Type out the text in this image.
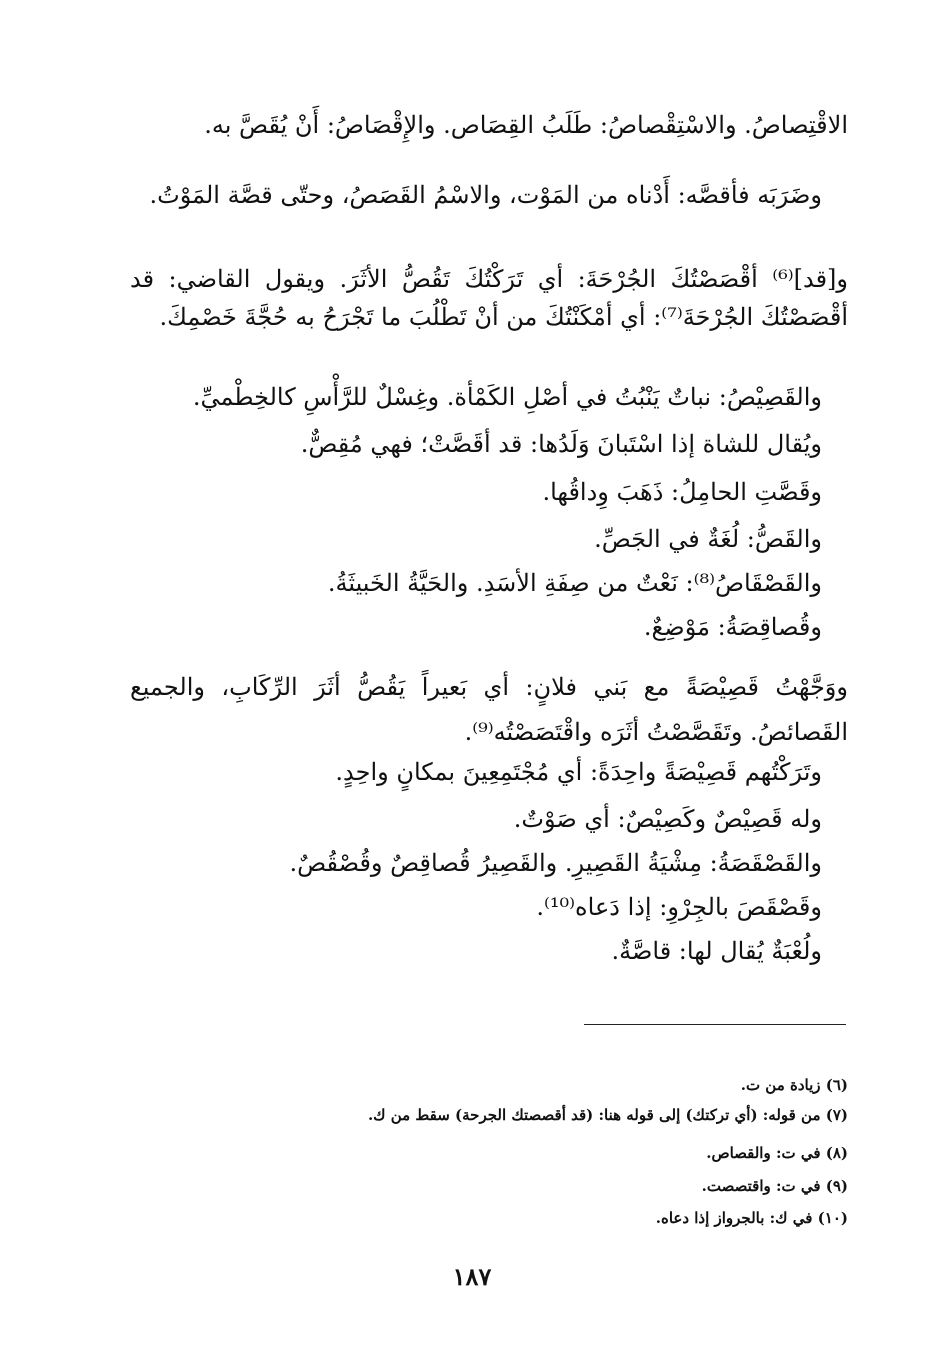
الاقْتِصاصُ. والاسْتِقْصاصُ: طَلَبُ القِصَاص. والإِقْصَاصُ: أَنْ يُقَصَّ به.
وضَرَبَه فأقصَّه: أَدْناه من المَوْت، والاسْمُ القَصَصُ، وحتّى قصَّة المَوْتُ.
و[قد]⁽⁶⁾ أقْصَصْتُكَ الجُرْحَةَ: أي تَرَكْتُكَ تَقُصُّ الأثَرَ. ويقول القاضي: قد
أقْصَصْتُكَ الجُرْحَةَ⁽⁷⁾: أي أمْكَنْتُكَ من أنْ تَطْلُبَ ما تَجْرَحُ به حُجَّةَ خَصْمِكَ.
والقَصِيْصُ: نباتٌ يَنْبُتُ في أصْلِ الكَمْأة. وغِسْلٌ للرَّأْسِ كالخِطْميِّ.
ويُقال للشاة إذا اسْتَبانَ وَلَدُها: قد أقَصَّتْ؛ فهي مُقِصٌّ.
وقَصَّتِ الحامِلُ: ذَهَبَ وِداقُها.
والقَصُّ: لُغَةٌ في الجَصِّ.
والقَصْقَاصُ⁽⁸⁾: نَعْتٌ من صِفَةِ الأسَدِ. والحَيَّةُ الخَبيثَةُ.
وقُصاقِصَةُ: مَوْضِعٌ.
ووَجَّهْتُ قَصِيْصَةً مع بَني فلانٍ: أي بَعيراً يَقُصُّ أثَرَ الرِّكَابِ، والجميع
القَصائصُ. وتَقَصَّصْتُ أثَرَه واقْتَصَصْتُه⁽⁹⁾.
وتَرَكْتُهم قَصِيْصَةً واحِدَةً: أي مُجْتَمِعِينَ بمكانٍ واحِدٍ.
وله قَصِيْصٌ وكَصِيْصٌ: أي صَوْتٌ.
والقَصْقَصَةُ: مِشْيَةُ القَصِيرِ. والقَصِيرُ قُصاقِصٌ وقُصْقُصٌ.
وقَصْقَصَ بالجِرْوِ: إذا دَعاه⁽¹⁰⁾.
ولُعْبَةٌ يُقال لها: قاصَّةٌ.
(٦) زيادة من ت.
(٧) من قوله: (أي تركتك) إلى قوله هنا: (قد أقصصتك الجرحة) سقط من ك.
(٨) في ت: والقصاص.
(٩) في ت: واقتصصت.
(١٠) في ك: بالجرواز إذا دعاه.
١٨٧
